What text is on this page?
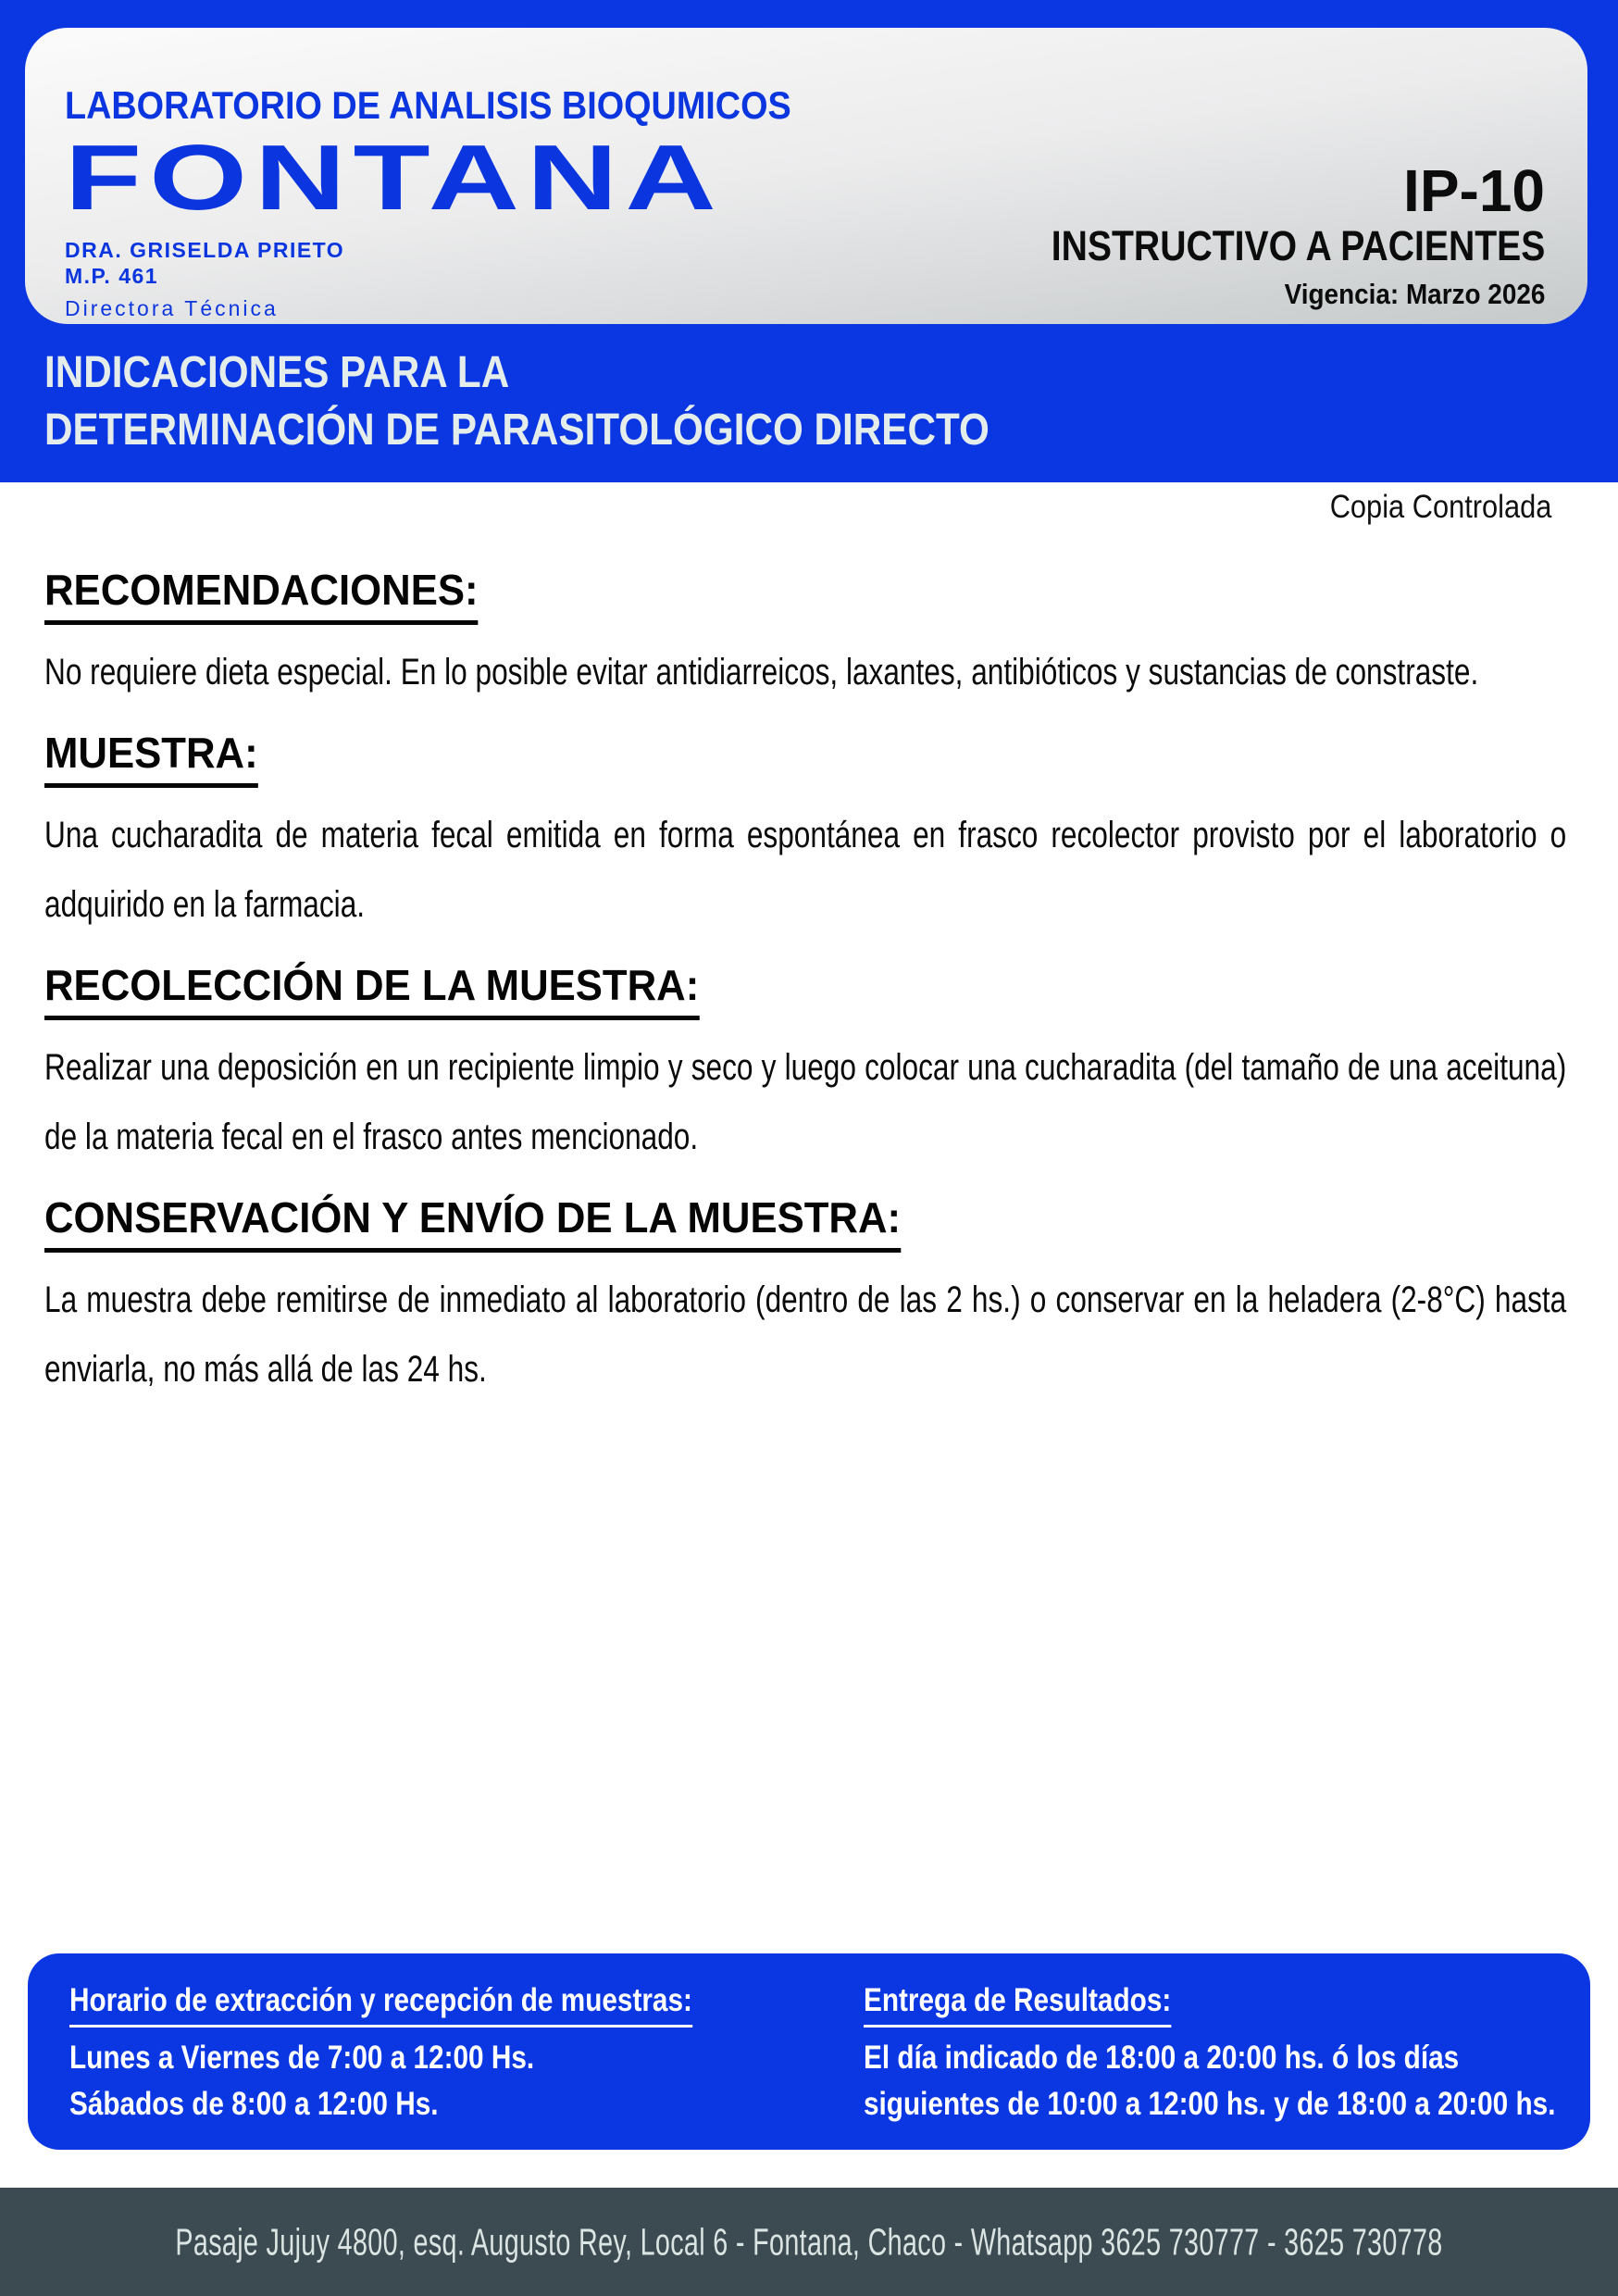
LABORATORIO DE ANALISIS BIOQUMICOS
FONTANA
DRA. GRISELDA PRIETO
M.P. 461
Directora Técnica
IP-10
INSTRUCTIVO A PACIENTES
Vigencia: Marzo 2026
INDICACIONES PARA LA
DETERMINACIÓN DE PARASITOLÓGICO DIRECTO
Copia Controlada
RECOMENDACIONES:

No requiere dieta especial. En lo posible evitar antidiarreicos, laxantes, antibióticos y sustancias de constraste.

MUESTRA:

Una cucharadita de materia fecal emitida en forma espontánea en frasco recolector provisto por el laboratorio o adquirido en la farmacia.

RECOLECCIÓN DE LA MUESTRA:

Realizar una deposición en un recipiente limpio y seco y luego colocar una cucharadita (del tamaño de una aceituna) de la materia fecal en el frasco antes mencionado.

CONSERVACIÓN Y ENVÍO DE LA MUESTRA:

La muestra debe remitirse de inmediato al laboratorio (dentro de las 2 hs.) o conservar en la heladera (2-8°C) hasta enviarla, no más allá de las 24 hs.

Horario de extracción y recepción de muestras:
Lunes a Viernes de 7:00 a 12:00 Hs.
Sábados de 8:00 a 12:00 Hs.
Entrega de Resultados:
El día indicado de 18:00 a 20:00 hs. ó los días
siguientes de 10:00 a 12:00 hs. y de 18:00 a 20:00 hs.
Pasaje Jujuy 4800, esq. Augusto Rey, Local 6 - Fontana, Chaco - Whatsapp 3625 730777 - 3625 730778
